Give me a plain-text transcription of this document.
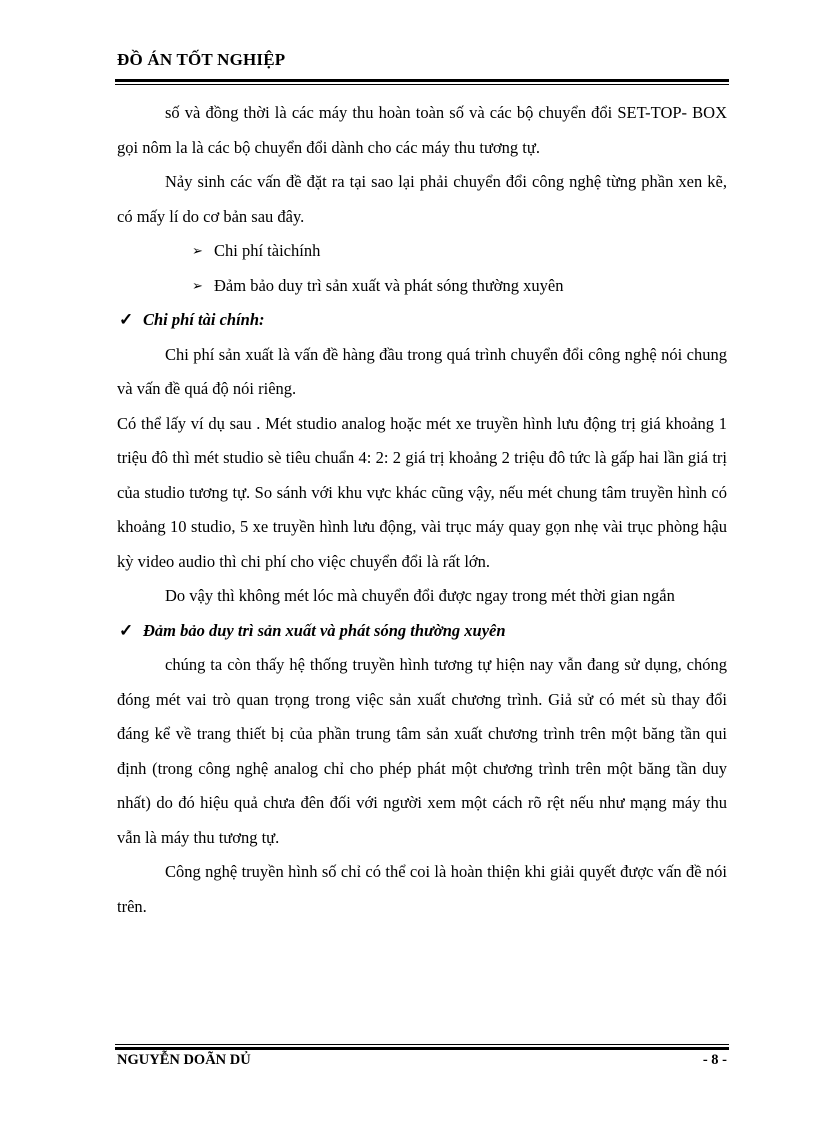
ĐỒ ÁN TỐT NGHIỆP

số và đồng thời là các máy thu hoàn toàn số và các bộ chuyển đổi SET-TOP- BOX gọi nôm la là các bộ chuyển đổi dành cho các máy thu tương tự.

Nảy sinh các vấn đề đặt ra tại sao lại phải chuyển đổi công nghệ từng phần xen kẽ, có mấy lí do cơ bản sau đây.

➢ Chi phí tàichính

➢ Đảm bảo duy trì sản xuất và phát sóng thường xuyên

✓ Chi phí tài chính:

Chi phí sản xuất là vấn đề hàng đầu trong quá trình chuyển đổi công nghệ nói chung và vấn đề quá độ nói riêng.

Có thể lấy ví dụ sau . Mét studio analog hoặc mét xe truyền hình lưu động trị giá khoảng 1 triệu đô thì mét studio sè tiêu chuẩn 4: 2: 2 giá trị khoảng 2 triệu đô tức là gấp hai lần giá trị của studio tương tự. So sánh với khu vực khác cũng vậy, nếu mét chung tâm truyền hình có khoảng 10 studio, 5 xe truyền hình lưu động, vài trục máy quay gọn nhẹ vài trục phòng hậu kỳ video audio thì chi phí cho việc chuyển đổi là rất lớn.

Do vậy thì không mét lóc mà chuyển đổi được ngay trong mét thời gian ngắn

✓ Đảm bảo duy trì sản xuất và phát sóng thường xuyên

chúng ta còn thấy hệ thống truyền hình tương tự hiện nay vẫn đang sử dụng, chóng đóng mét vai trò quan trọng trong việc sản xuất chương trình. Giả sử có mét sù thay đổi đáng kể về trang thiết bị của phần trung tâm sản xuất chương trình trên một băng tần qui định (trong công nghệ analog chỉ cho phép phát một chương trình trên một băng tần duy nhất) do đó hiệu quả chưa đên đối với người xem một cách rõ rệt nếu như mạng máy thu vẫn là máy thu tương tự.

Công nghệ truyền hình số chỉ có thể coi là hoàn thiện khi giải quyết được vấn đề nói trên.

NGUYỄN DOÃN DỦ	- 8 -
